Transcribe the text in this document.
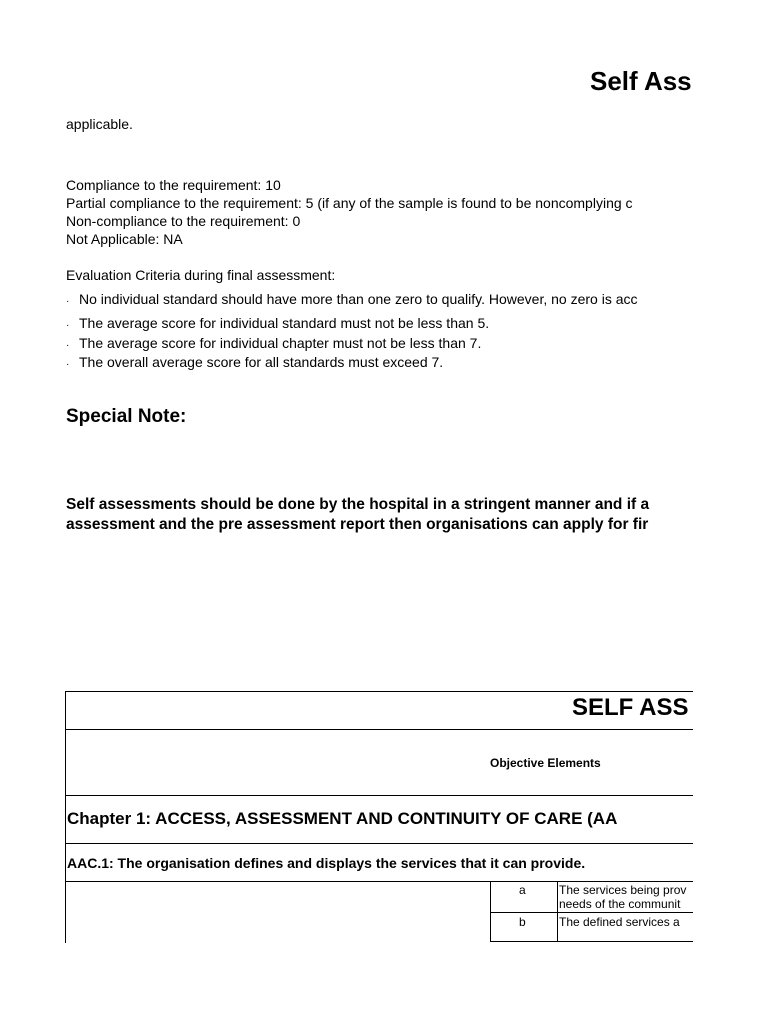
Self Ass
applicable.
Compliance to the requirement: 10
Partial compliance to the requirement: 5 (if any of the sample is found to be noncomplying c
Non-compliance to the requirement: 0
Not Applicable: NA
Evaluation Criteria during final assessment:
· No individual standard should have more than one zero to qualify. However, no zero is acc
· The average score for individual standard must not be less than 5.
· The average score for individual chapter must not be less than 7.
· The overall average score for all standards must exceed 7.
Special Note:
Self assessments should be done by the hospital in a stringent manner and if a
assessment and the pre assessment report then organisations can apply for fir
SELF ASS
Objective Elements
Chapter 1: ACCESS, ASSESSMENT AND CONTINUITY OF CARE (AA
AAC.1: The organisation defines and displays the services that it can provide.
a	The services being prov
needs of the communit
b	The defined services a
